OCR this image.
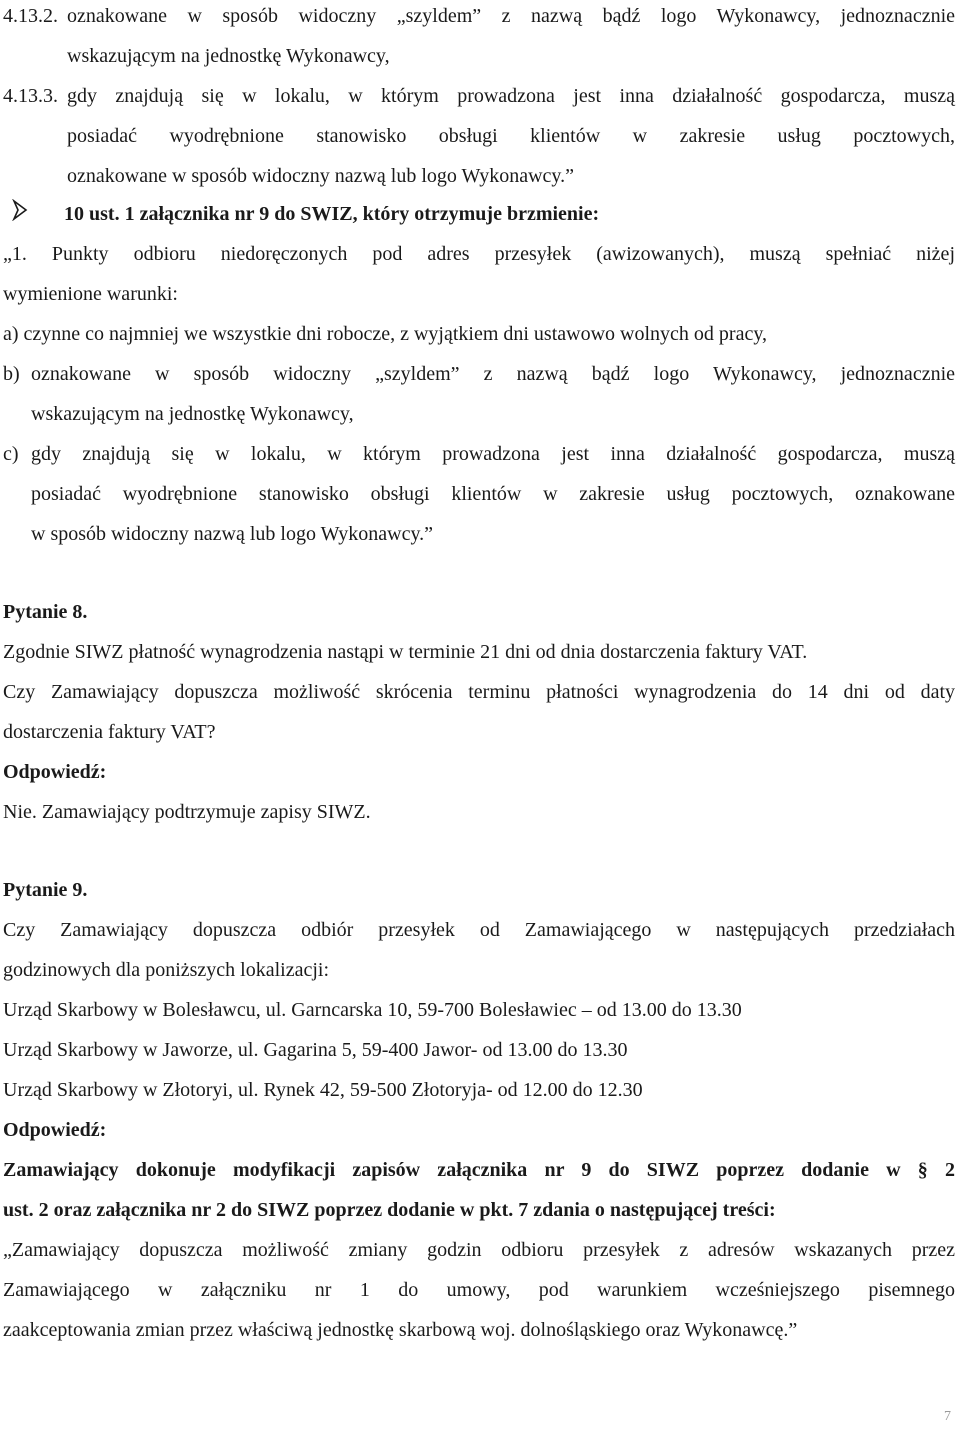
4.13.2. oznakowane w sposób widoczny „szyldem” z nazwą bądź logo Wykonawcy, jednoznacznie
wskazującym na jednostkę Wykonawcy,
4.13.3. gdy znajdują się w lokalu, w którym prowadzona jest inna działalność gospodarcza, muszą
posiadać wyodrębnione stanowisko obsługi klientów w zakresie usług pocztowych,
oznakowane w sposób widoczny nazwą lub logo Wykonawcy.”
10 ust. 1 załącznika nr 9 do SWIZ, który otrzymuje brzmienie:
„1. Punkty odbioru niedoręczonych pod adres przesyłek (awizowanych), muszą spełniać niżej
wymienione warunki:
a) czynne co najmniej we wszystkie dni robocze, z wyjątkiem dni ustawowo wolnych od pracy,
b) oznakowane w sposób widoczny „szyldem” z nazwą bądź logo Wykonawcy, jednoznacznie
wskazującym na jednostkę Wykonawcy,
c) gdy znajdują się w lokalu, w którym prowadzona jest inna działalność gospodarcza, muszą
posiadać wyodrębnione stanowisko obsługi klientów w zakresie usług pocztowych, oznakowane
w sposób widoczny nazwą lub logo Wykonawcy.”
Pytanie 8.
Zgodnie SIWZ płatność wynagrodzenia nastąpi w terminie 21 dni od dnia dostarczenia faktury VAT.
Czy Zamawiający dopuszcza możliwość skrócenia terminu płatności wynagrodzenia do 14 dni od daty
dostarczenia faktury VAT?
Odpowiedź:
Nie. Zamawiający podtrzymuje zapisy SIWZ.
Pytanie 9.
Czy Zamawiający dopuszcza odbiór przesyłek od Zamawiającego w następujących przedziałach
godzinowych dla poniższych lokalizacji:
Urząd Skarbowy w Bolesławcu, ul. Garncarska 10, 59-700 Bolesławiec – od 13.00 do 13.30
Urząd Skarbowy w Jaworze, ul. Gagarina 5, 59-400 Jawor- od 13.00 do 13.30
Urząd Skarbowy w Złotoryi, ul. Rynek 42, 59-500 Złotoryja- od 12.00 do 12.30
Odpowiedź:
Zamawiający dokonuje modyfikacji zapisów załącznika nr 9 do SIWZ poprzez dodanie w § 2
ust. 2 oraz załącznika nr 2 do SIWZ poprzez dodanie w pkt. 7 zdania o następującej treści:
„Zamawiający dopuszcza możliwość zmiany godzin odbioru przesyłek z adresów wskazanych przez
Zamawiającego w załączniku nr 1 do umowy, pod warunkiem wcześniejszego pisemnego
zaakceptowania zmian przez właściwą jednostkę skarbową woj. dolnośląskiego oraz Wykonawcę.”
7
